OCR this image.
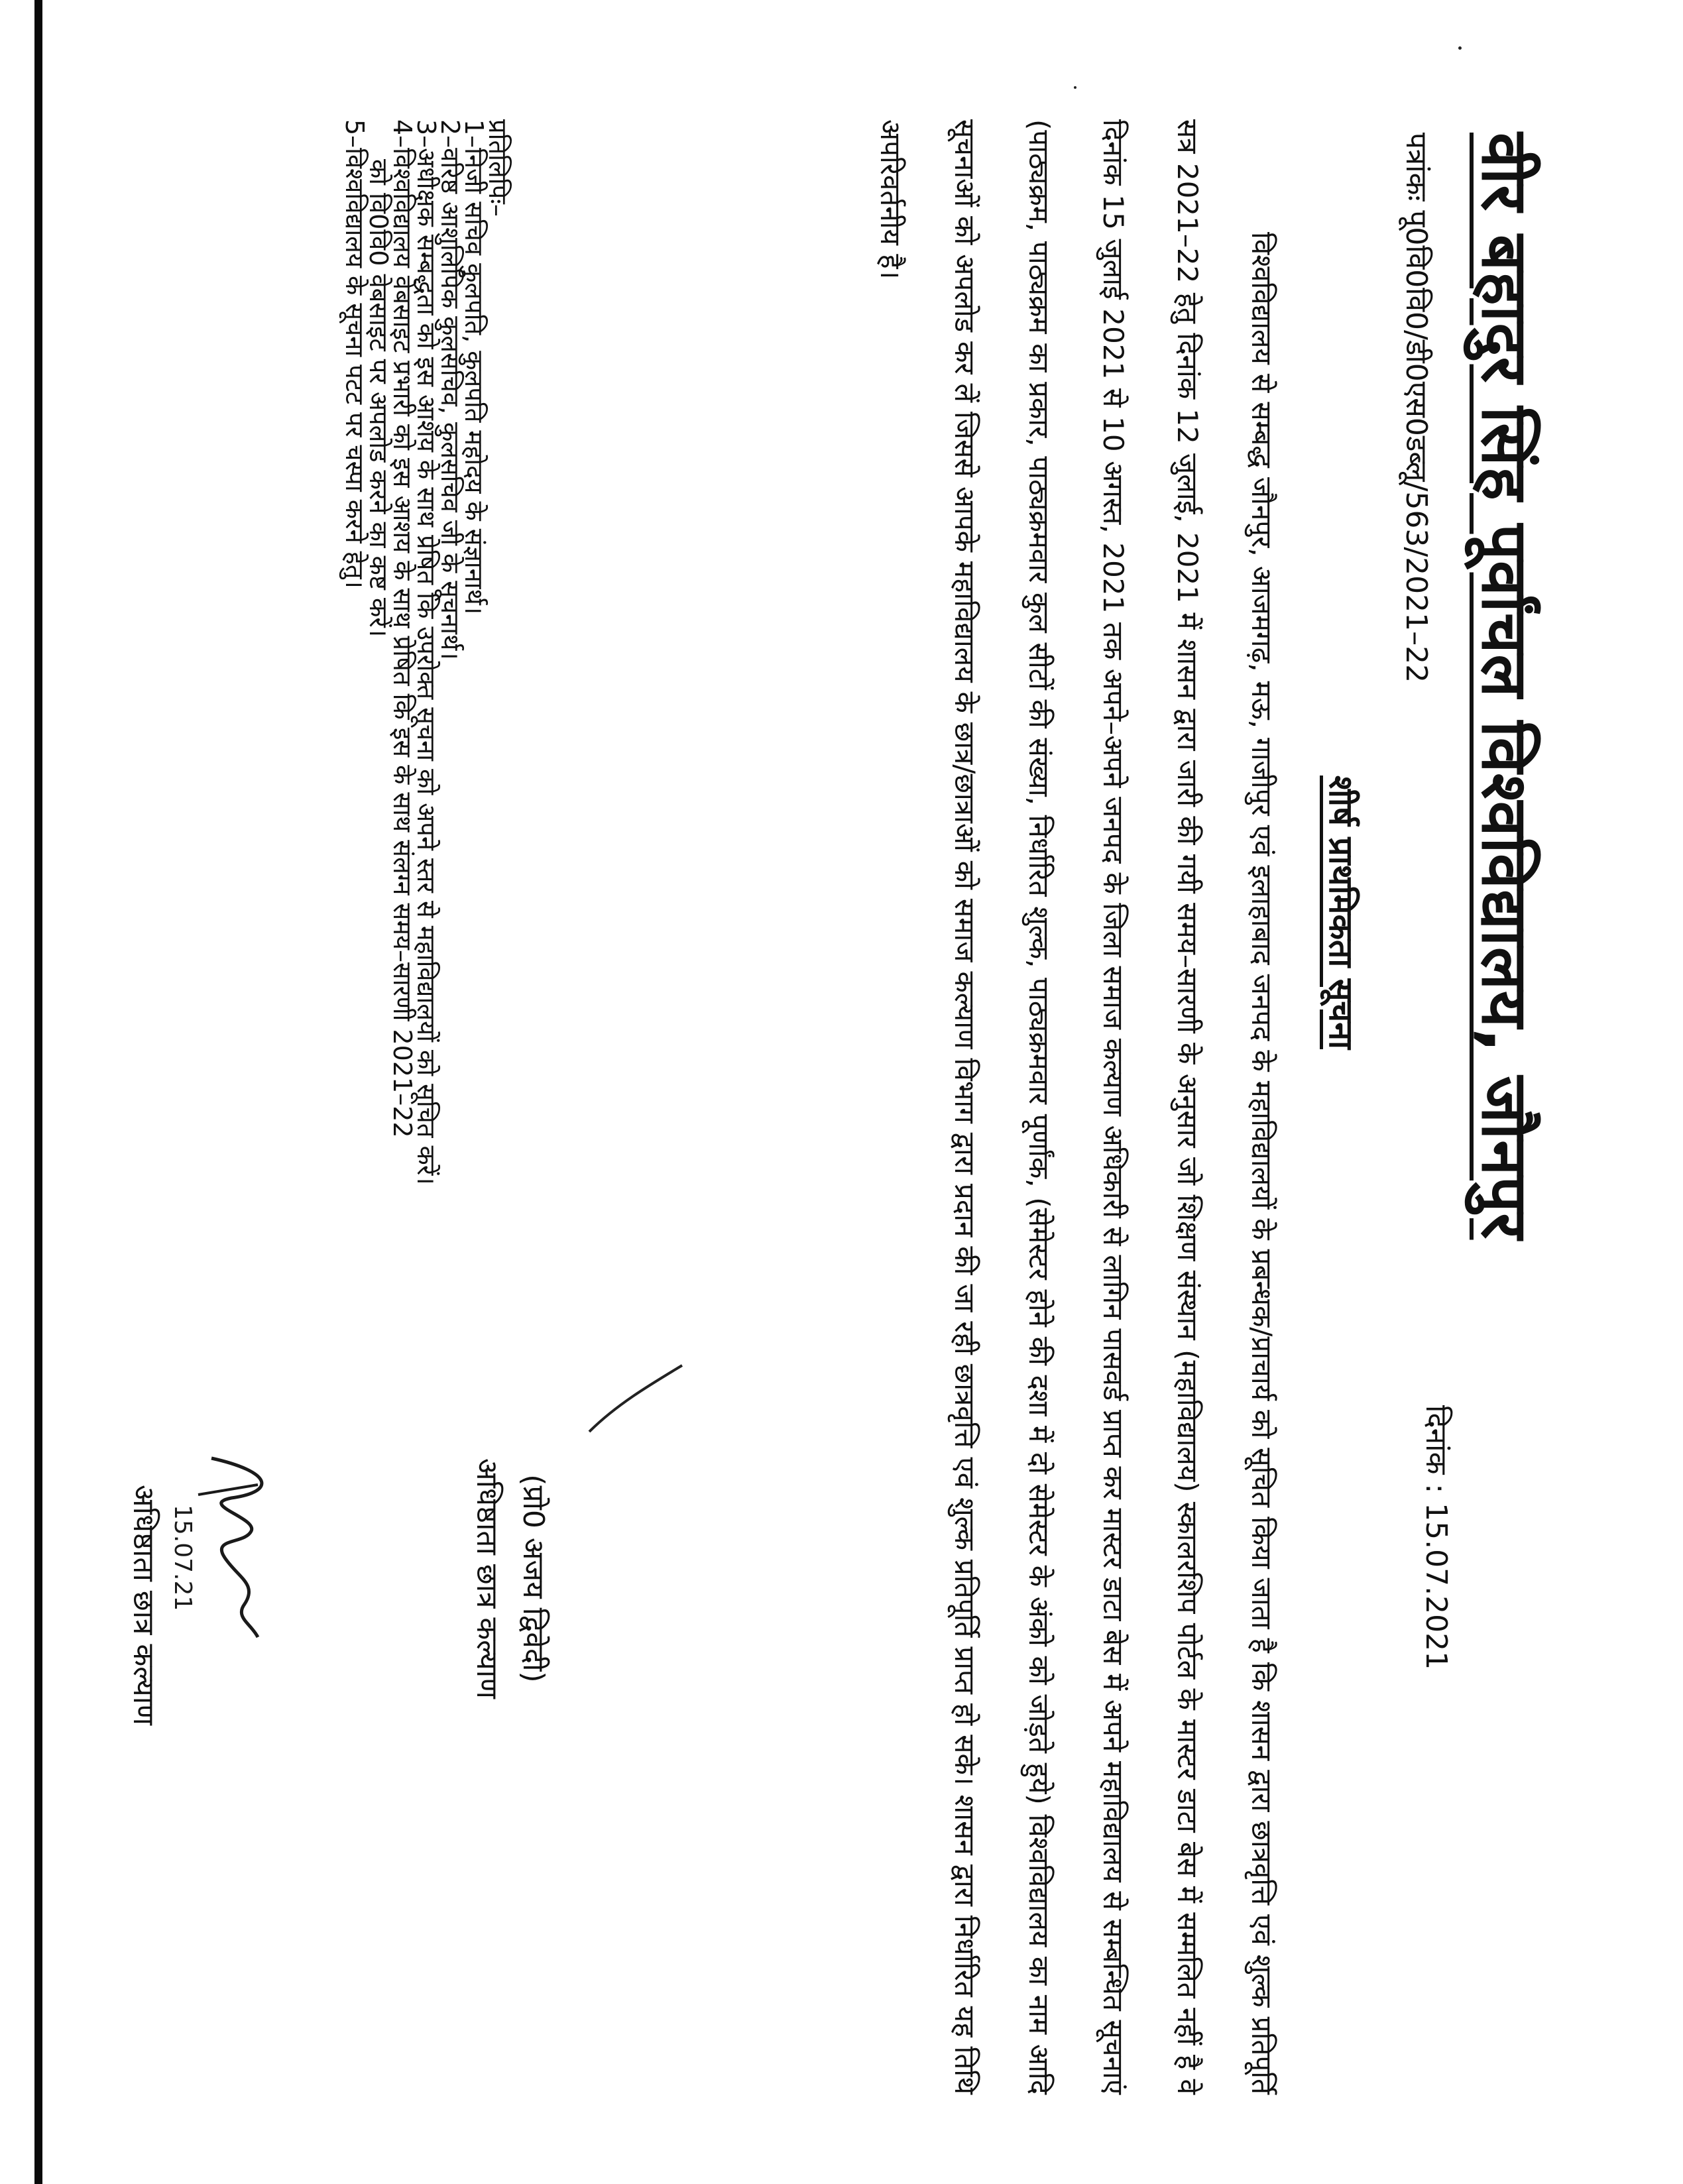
वीर बहादुर सिंह पूर्वांचल विश्वविद्यालय, जौनपुर
पत्रांकः पू0वि0वि0/डी0एस0डब्लू/563/2021–22
दिनांक : 15.07.2021
शीर्ष प्राथमिकता सूचना
विश्वविद्यालय से सम्बद्ध जौनपुर, आजमगढ़, मऊ, गाजीपुर एवं इलाहाबाद जनपद के महाविद्यालयों के प्रबन्धक/प्राचार्य को सूचित किया जाता है कि शासन द्वारा छात्रवृत्ति एवं शुल्क प्रतिपूर्ति सत्र 2021–22 हेतु दिनांक 12 जुलाई, 2021 में शासन द्वारा जारी की गयी समय–सारणी के अनुसार जो शिक्षण संस्थान (महाविद्यालय) स्कालरशिप पोर्टल के मास्टर डाटा बेस में सम्मलित नहीं है वे दिनांक 15 जुलाई 2021 से 10 अगस्त, 2021 तक अपने–अपने जनपद के जिला समाज कल्याण अधिकारी से लागिन पासवर्ड प्राप्त कर मास्टर डाटा बेस में अपने महाविद्यालय से सम्बन्धित सूचनाएं (पाठ्यक्रम, पाठ्यक्रम का प्रकार, पाठ्यक्रमवार कुल सीटों की संख्या, निर्धारित शुल्क, पाठ्यक्रमवार पूर्णांक, (सेमेस्टर होने की दशा में दो सेमेस्टर के अंको को जोड़ते हुये) विश्वविद्यालय का नाम आदि सूचनाओं को अपलोड कर लें जिससे आपके महाविद्यालय के छात्र/छात्राओं को समाज कल्याण विभाग द्वारा प्रदान की जा रही छात्रवृत्ति एवं शुल्क प्रतिपूर्ति प्राप्त हो सके। शासन द्वारा निर्धारित यह तिथि अपरिवर्तनीय है।
(प्रो0 अजय द्विवेदी)
अधिष्ठाता छात्र कल्याण
प्रतिलिपिः–
1–निजी सचिव कुलपति, कुलपति महोदय के संज्ञानार्थ।
2–वरिष्ठ आशुलिपिक कुलसचिव, कुलसचिव जी के सूचनार्थ।
3–अधीक्षक सम्बद्धता को इस आशय के साथ प्रेषित कि उपरोक्त सूचना को अपने स्तर से महाविद्यालयों को सूचित करें।
4–विश्वविद्यालय वेबसाइट प्रभारी को इस आशय के साथ प्रेषित कि इस के साथ संलग्न समय–सारणी 2021–22
को वि0वि0 वेबसाइट पर अपलोड करने का कष्ट करें।
5–विश्वविद्यालय के सूचना पटट पर चस्पा करने हेतु।
15.07.21
अधिष्ठाता छात्र कल्याण
